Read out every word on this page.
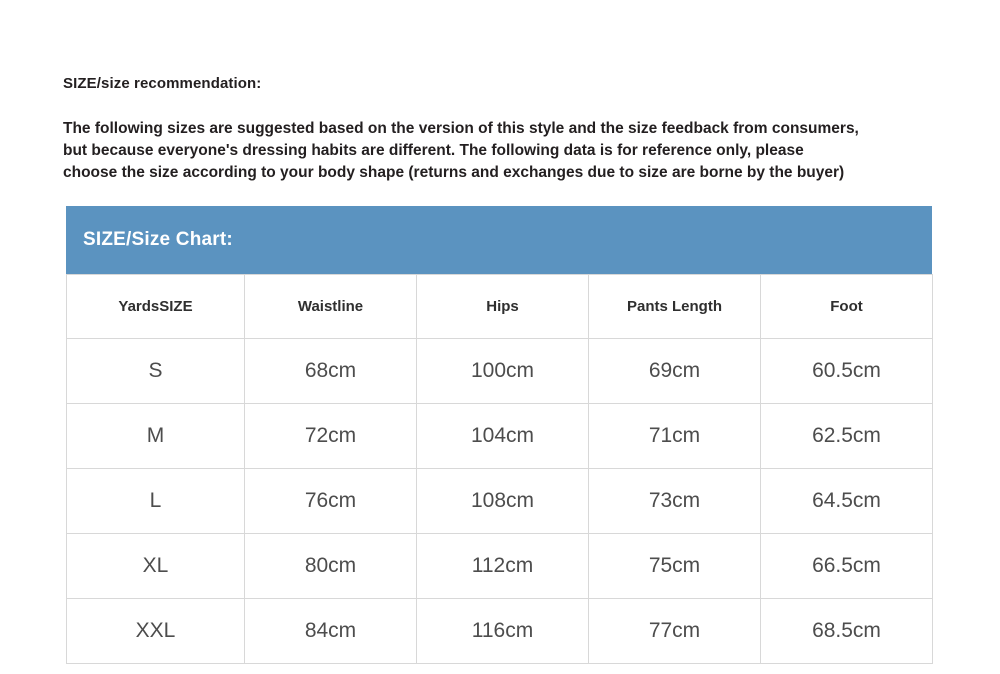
SIZE/size recommendation:
The following sizes are suggested based on the version of this style and the size feedback from consumers,
but because everyone's dressing habits are different. The following data is for reference only, please
choose the size according to your body shape (returns and exchanges due to size are borne by the buyer)
SIZE/Size Chart:
YardsSIZE	Waistline	Hips	Pants Length	Foot
S	68cm	100cm	69cm	60.5cm
M	72cm	104cm	71cm	62.5cm
L	76cm	108cm	73cm	64.5cm
XL	80cm	112cm	75cm	66.5cm
XXL	84cm	116cm	77cm	68.5cm
